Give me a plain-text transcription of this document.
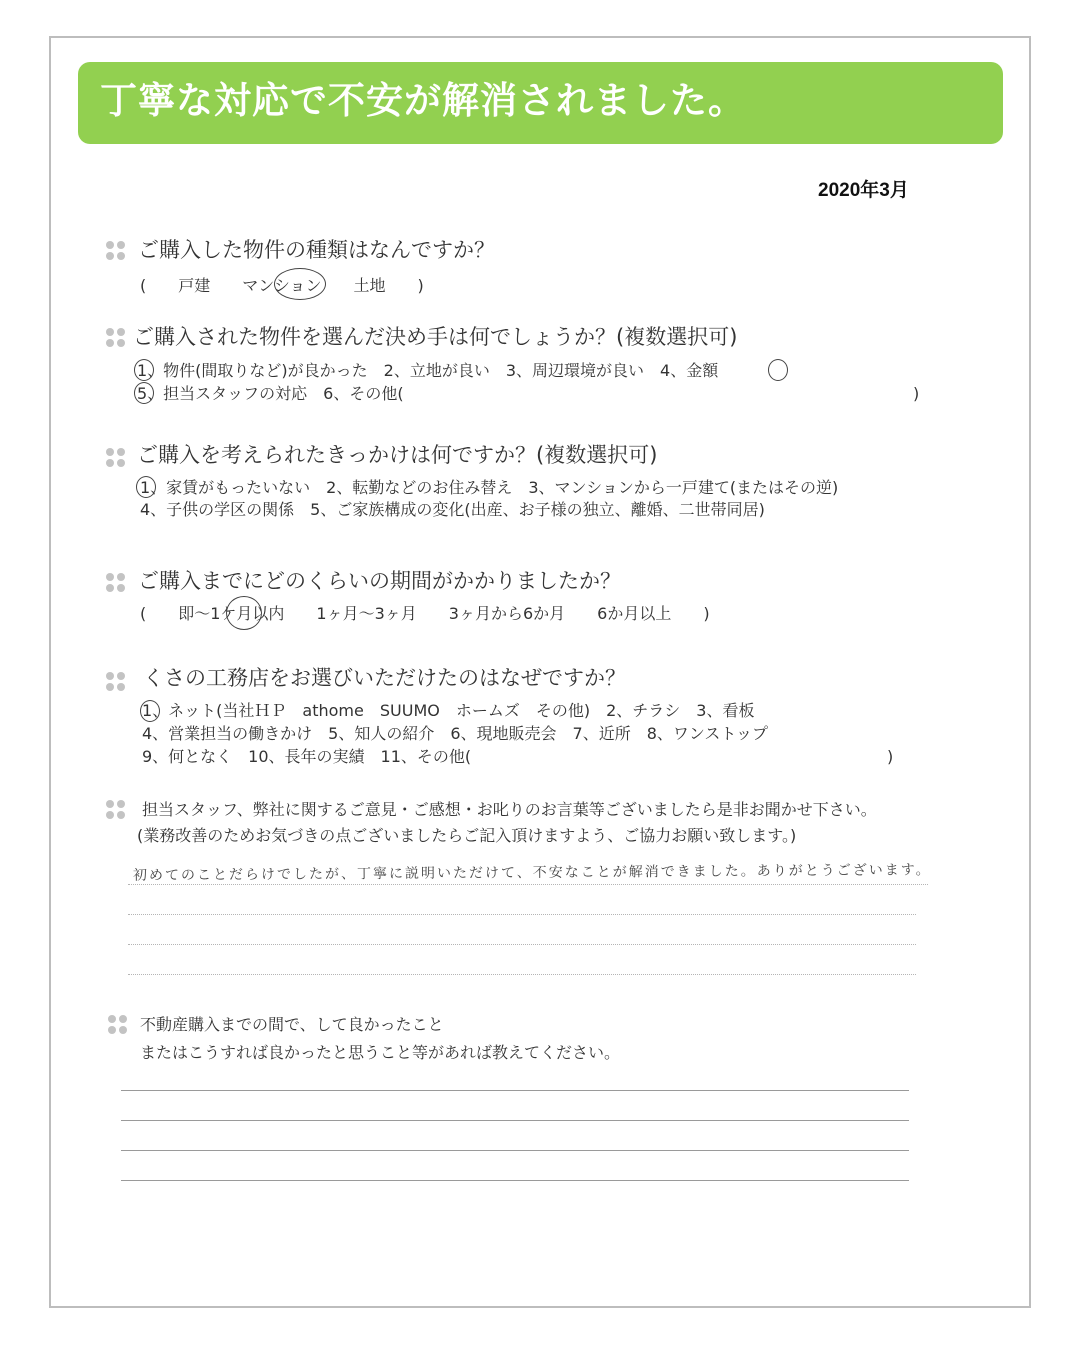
丁寧な対応で不安が解消されました。
2020年3月
ご購入した物件の種類はなんですか？
(　　戸建　　マンション　　土地　　)
ご購入された物件を選んだ決め手は何でしょうか？(複数選択可)
1、物件(間取りなど)が良かった　2、立地が良い　3、周辺環境が良い　4、金額
5、担当スタッフの対応　6、その他(	)
ご購入を考えられたきっかけは何ですか？(複数選択可)
1、家賃がもったいない　2、転勤などのお住み替え　3、マンションから一戸建て(またはその逆)
4、子供の学区の関係　5、ご家族構成の変化(出産、お子様の独立、離婚、二世帯同居)
ご購入までにどのくらいの期間がかかりましたか？
(　　即～1ケ月以内　　1ヶ月～3ヶ月　　3ヶ月から6か月　　6か月以上　　)
くさの工務店をお選びいただけたのはなぜですか？
1、ネット(当社ＨＰ　athome　SUUMO　ホームズ　その他)　2、チラシ　3、看板
4、営業担当の働きかけ　5、知人の紹介　6、現地販売会　7、近所　8、ワンストップ
9、何となく　10、長年の実績　11、その他(	)
担当スタッフ、弊社に関するご意見・ご感想・お叱りのお言葉等ございましたら是非お聞かせ下さい。
(業務改善のためお気づきの点ございましたらご記入頂けますよう、ご協力お願い致します。)
初めてのことだらけでしたが、丁寧に説明いただけて、不安なことが解消できました。ありがとうございます。
不動産購入までの間で、して良かったこと
またはこうすれば良かったと思うこと等があれば教えてください。
